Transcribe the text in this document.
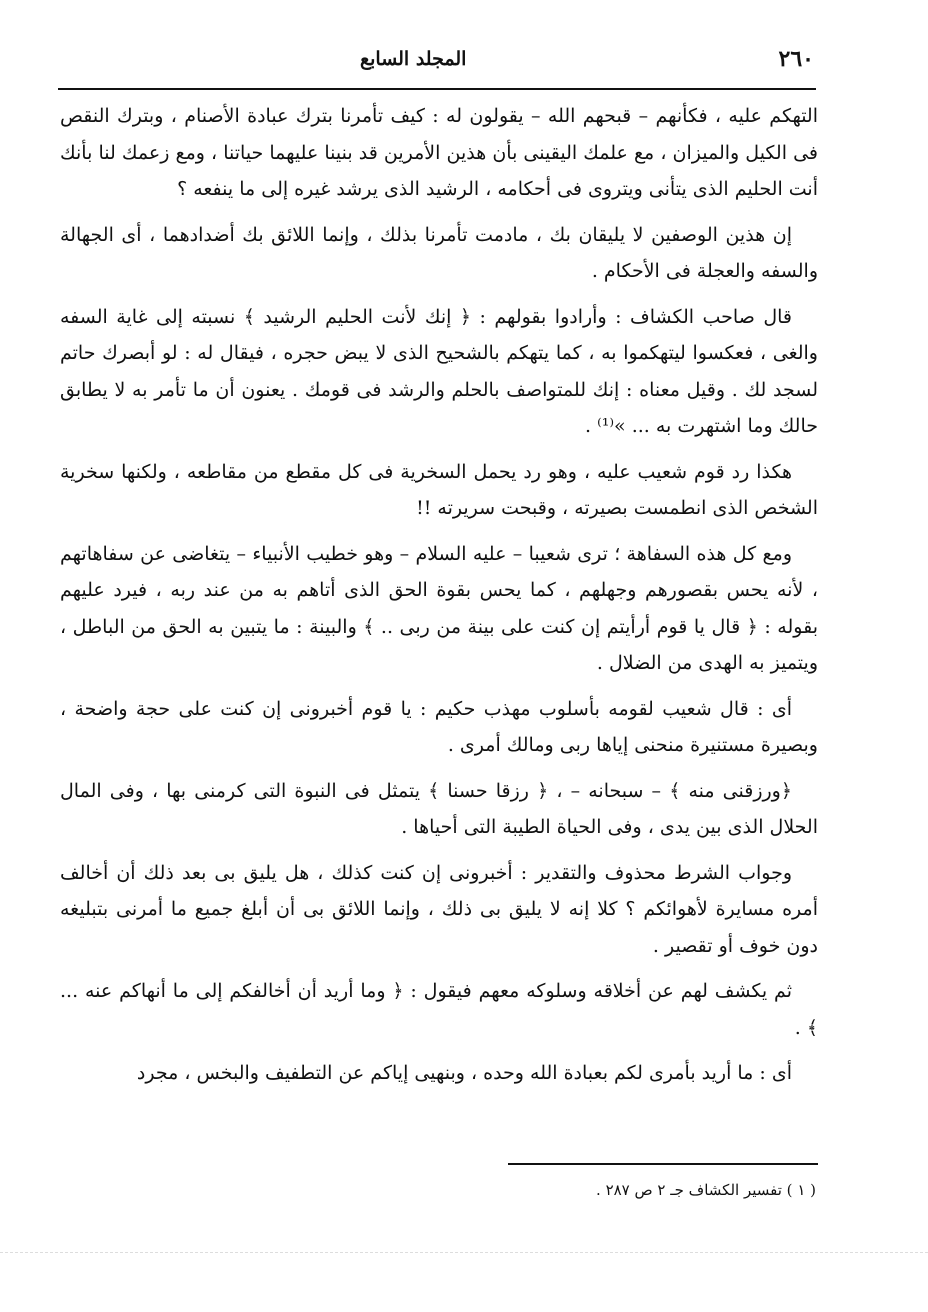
٢٦٠
المجلد السابع

التهكم عليه ، فكأنهم – قبحهم الله – يقولون له : كيف تأمرنا بترك عبادة الأصنام ، وبترك النقص فى الكيل والميزان ، مع علمك اليقينى بأن هذين الأمرين قد بنينا عليهما حياتنا ، ومع زعمك لنا بأنك أنت الحليم الذى يتأنى ويتروى فى أحكامه ، الرشيد الذى يرشد غيره إلى ما ينفعه ؟

إن هذين الوصفين لا يليقان بك ، مادمت تأمرنا بذلك ، وإنما اللائق بك أضدادهما ، أى الجهالة والسفه والعجلة فى الأحكام .

قال صاحب الكشاف : وأرادوا بقولهم : ﴿ إنك لأنت الحليم الرشيد ﴾ نسبته إلى غاية السفه والغى ، فعكسوا ليتهكموا به ، كما يتهكم بالشحيح الذى لا يبض حجره ، فيقال له : لو أبصرك حاتم لسجد لك . وقيل معناه : إنك للمتواصف بالحلم والرشد فى قومك . يعنون أن ما تأمر به لا يطابق حالك وما اشتهرت به ... »⁽¹⁾ .

هكذا رد قوم شعيب عليه ، وهو رد يحمل السخرية فى كل مقطع من مقاطعه ، ولكنها سخرية الشخص الذى انطمست بصيرته ، وقبحت سريرته !!

ومع كل هذه السفاهة ؛ ترى شعيبا – عليه السلام – وهو خطيب الأنبياء – يتغاضى عن سفاهاتهم ، لأنه يحس بقصورهم وجهلهم ، كما يحس بقوة الحق الذى أتاهم به من عند ربه ، فيرد عليهم بقوله : ﴿ قال يا قوم أرأيتم إن كنت على بينة من ربى .. ﴾ والبينة : ما يتبين به الحق من الباطل ، ويتميز به الهدى من الضلال .

أى : قال شعيب لقومه بأسلوب مهذب حكيم : يا قوم أخبرونى إن كنت على حجة واضحة ، وبصيرة مستنيرة منحنى إياها ربى ومالك أمرى .

﴿ورزقنى منه ﴾ – سبحانه – ، ﴿ رزقا حسنا ﴾ يتمثل فى النبوة التى كرمنى بها ، وفى المال الحلال الذى بين يدى ، وفى الحياة الطيبة التى أحياها .

وجواب الشرط محذوف والتقدير : أخبرونى إن كنت كذلك ، هل يليق بى بعد ذلك أن أخالف أمره مسايرة لأهوائكم ؟ كلا إنه لا يليق بى ذلك ، وإنما اللائق بى أن أبلغ جميع ما أمرنى بتبليغه دون خوف أو تقصير .

ثم يكشف لهم عن أخلاقه وسلوكه معهم فيقول : ﴿ وما أريد أن أخالفكم إلى ما أنهاكم عنه ... ﴾ .

أى : ما أريد بأمرى لكم بعبادة الله وحده ، وبنهيى إياكم عن التطفيف والبخس ، مجرد

( ١ ) تفسير الكشاف جـ ٢ ص ٢٨٧ .
